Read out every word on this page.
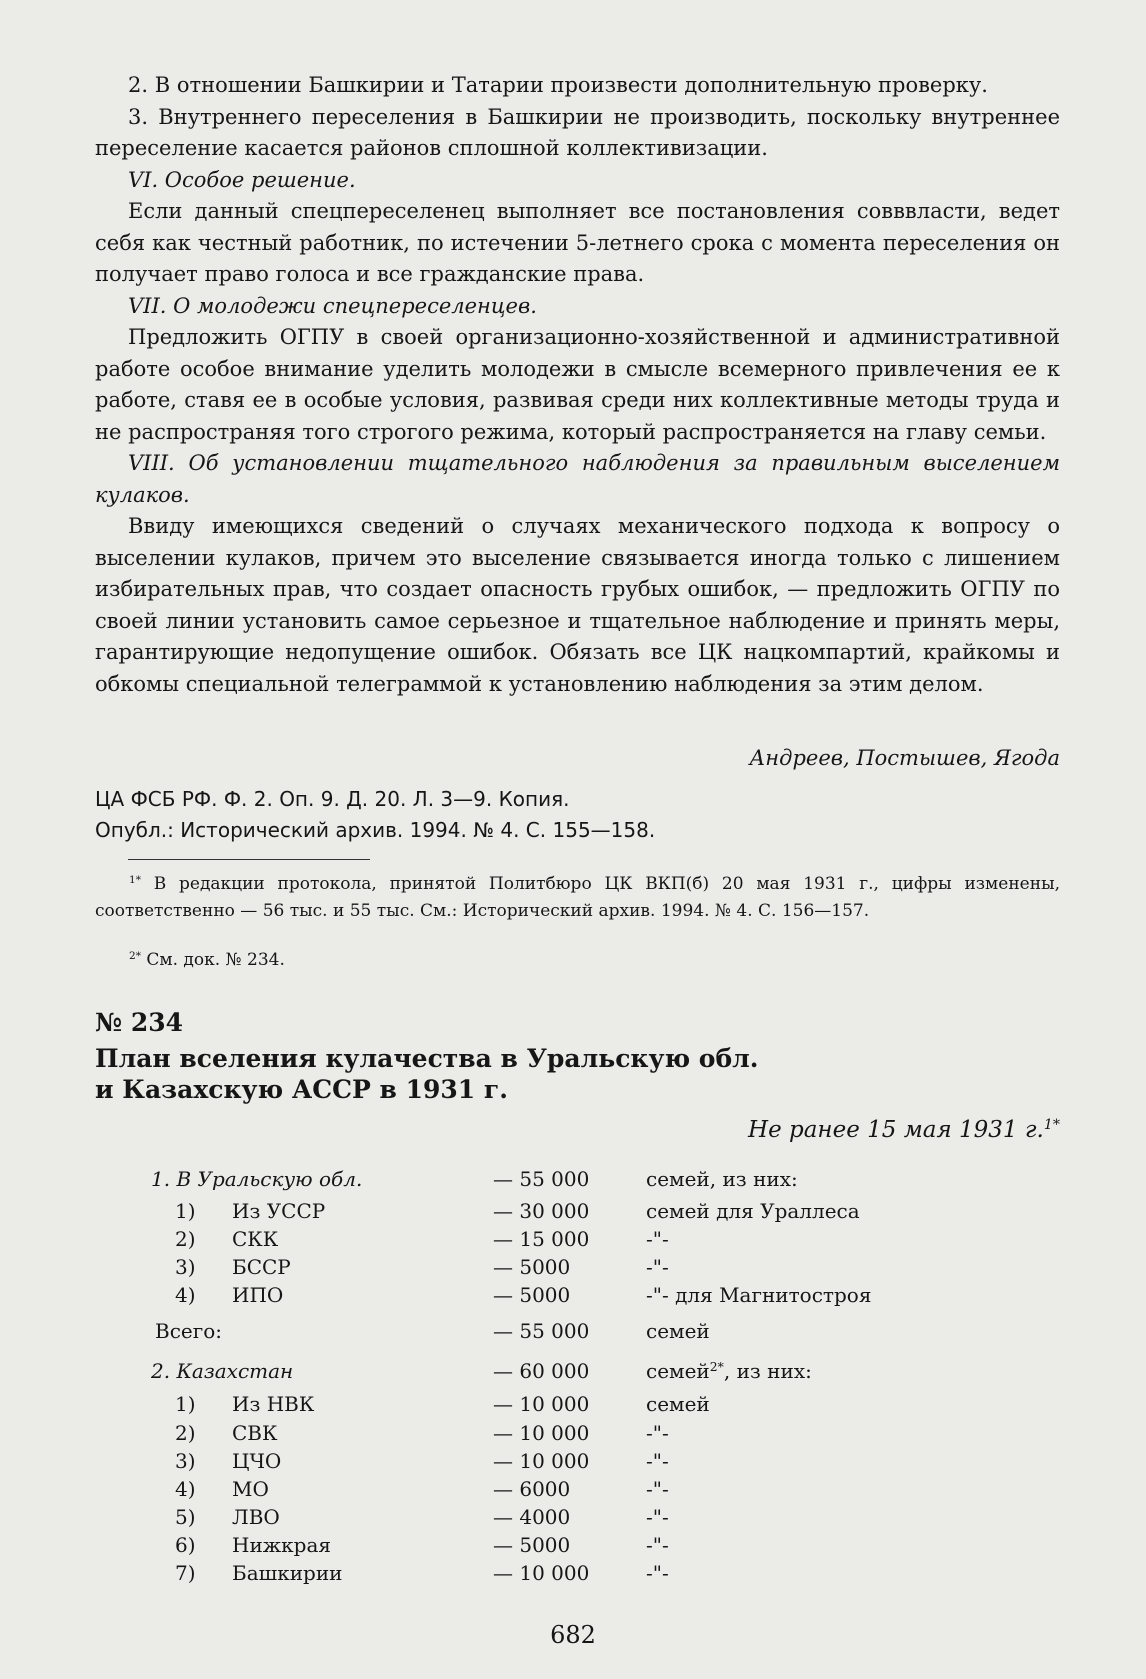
2. В отношении Башкирии и Татарии произвести дополнительную проверку.

3. Внутреннего переселения в Башкирии не производить, поскольку внутреннее переселение касается районов сплошной коллективизации.

VI. Особое решение.

Если данный спецпереселенец выполняет все постановления совввласти, ведет себя как честный работник, по истечении 5-летнего срока с момента переселения он получает право голоса и все гражданские права.

VII. О молодежи спецпереселенцев.

Предложить ОГПУ в своей организационно-хозяйственной и административной работе особое внимание уделить молодежи в смысле всемерного привлечения ее к работе, ставя ее в особые условия, развивая среди них коллективные методы труда и не распространяя того строгого режима, который распространяется на главу семьи.

VIII. Об установлении тщательного наблюдения за правильным выселением кулаков.

Ввиду имеющихся сведений о случаях механического подхода к вопросу о выселении кулаков, причем это выселение связывается иногда только с лишением избирательных прав, что создает опасность грубых ошибок, — предложить ОГПУ по своей линии установить самое серьезное и тщательное наблюдение и принять меры, гарантирующие недопущение ошибок. Обязать все ЦК нацкомпартий, крайкомы и обкомы специальной телеграммой к установлению наблюдения за этим делом.

Андреев, Постышев, Ягода
ЦА ФСБ РФ. Ф. 2. Оп. 9. Д. 20. Л. 3—9. Копия.
Опубл.: Исторический архив. 1994. № 4. С. 155—158.
$^{1*}$ В редакции протокола, принятой Политбюро ЦК ВКП(б) 20 мая 1931 г., цифры изменены, соответственно — 56 тыс. и 55 тыс. См.: Исторический архив. 1994. № 4. С. 156—157.
$^{2*}$ См. док. № 234.
№ 234
План вселения кулачества в Уральскую обл.
и Казахскую АССР в 1931 г.
Не ранее 15 мая 1931 г.$^{1*}$
1. В Уральскую обл.	— 55 000	семей, из них:
1) Из УССР	— 30 000	семей для Ураллеса
2) СКК	— 15 000	-"-
3) БССР	— 5000	-"-
4) ИПО	— 5000	-"- для Магнитостроя
Всего:	— 55 000	семей
2. Казахстан	— 60 000	семей$^{2*}$, из них:
1) Из НВК	— 10 000	семей
2) СВК	— 10 000	-"-
3) ЦЧО	— 10 000	-"-
4) МО	— 6000	-"-
5) ЛВО	— 4000	-"-
6) Нижкрая	— 5000	-"-
7) Башкирии	— 10 000	-"-
682
